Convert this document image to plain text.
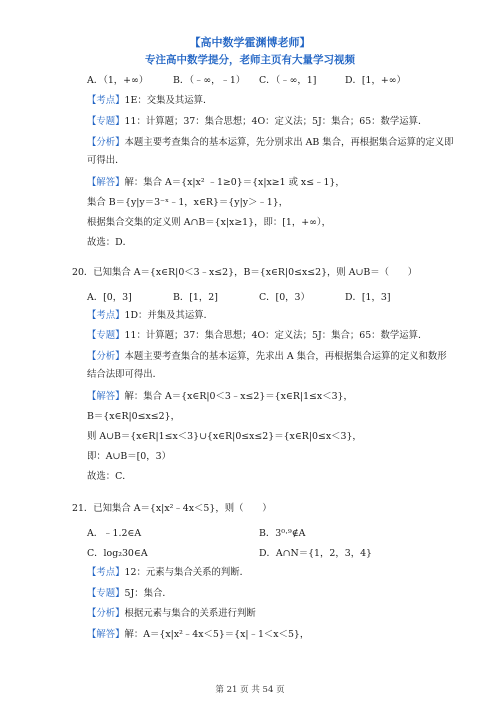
【高中数学霍渊博老师】
专注高中数学提分，老师主页有大量学习视频
A．（1，+∞）	B．（﹣∞，﹣1） C．（﹣∞，1]	D．[1，+∞）
【考点】1E：交集及其运算．
【专题】11：计算题；37：集合思想；4O：定义法；5J：集合；65：数学运算．
【分析】本题主要考查集合的基本运算，先分别求出 AB 集合，再根据集合运算的定义即
可得出．
【解答】解：集合 A＝{x|x² ﹣1≥0}＝{x|x≥1 或 x≤﹣1}，
集合 B＝{y|y＝3⁻ˣ﹣1，x∈R}＝{y|y＞﹣1}，
根据集合交集的定义则 A∩B＝{x|x≥1}，即：[1，+∞），
故选：D．
20．已知集合 A＝{x∈R|0＜3﹣x≤2}，B＝{x∈R|0≤x≤2}，则 A∪B＝（　　）
A．[0，3]	B．[1，2]	C．[0，3）	D．[1，3]
【考点】1D：并集及其运算．
【专题】11：计算题；37：集合思想；4O：定义法；5J：集合；65：数学运算．
【分析】本题主要考查集合的基本运算，先求出 A 集合，再根据集合运算的定义和数形
结合法即可得出．
【解答】解：集合 A＝{x∈R|0＜3﹣x≤2}＝{x∈R|1≤x＜3}，
B＝{x∈R|0≤x≤2}，
则 A∪B＝{x∈R|1≤x＜3}∪{x∈R|0≤x≤2}＝{x∈R|0≤x＜3}，
即：A∪B＝[0，3）
故选：C．
21．已知集合 A＝{x|x²﹣4x＜5}，则（　　）
A．﹣1.2∈A	B．3⁰·⁹∉A
C．log₂30∈A	D．A∩N＝{1，2，3，4}
【考点】12：元素与集合关系的判断．
【专题】5J：集合．
【分析】根据元素与集合的关系进行判断
【解答】解：A＝{x|x²﹣4x＜5}＝{x|﹣1＜x＜5}，
第 21 页 共 54 页
